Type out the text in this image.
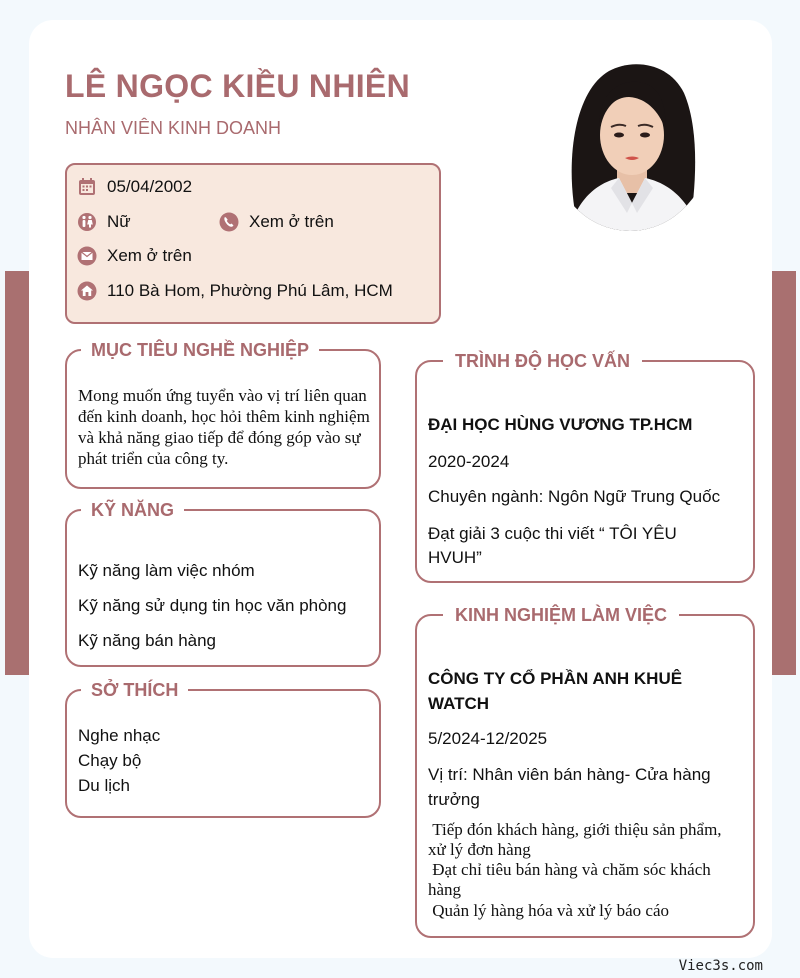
LÊ NGỌC KIỀU NHIÊN
NHÂN VIÊN KINH DOANH
05/04/2002
Nữ	Xem ở trên
Xem ở trên
110 Bà Hom, Phường Phú Lâm, HCM
MỤC TIÊU NGHỀ NGHIỆP
Mong muốn ứng tuyển vào vị trí liên quan đến kinh doanh, học hỏi thêm kinh nghiệm và khả năng giao tiếp để đóng góp vào sự phát triển của công ty.
KỸ NĂNG
Kỹ năng làm việc nhóm
Kỹ năng sử dụng tin học văn phòng
Kỹ năng bán hàng
SỞ THÍCH
Nghe nhạc
Chạy bộ
Du lịch
TRÌNH ĐỘ HỌC VẤN
ĐẠI HỌC HÙNG VƯƠNG TP.HCM
2020-2024
Chuyên ngành: Ngôn Ngữ Trung Quốc
Đạt giải 3 cuộc thi viết “ TÔI YÊU HVUH”
KINH NGHIỆM LÀM VIỆC
CÔNG TY CỔ PHẦN ANH KHUÊ WATCH
5/2024-12/2025
Vị trí: Nhân viên bán hàng- Cửa hàng trưởng
Tiếp đón khách hàng, giới thiệu sản phẩm, xử lý đơn hàng
Đạt chỉ tiêu bán hàng và chăm sóc khách hàng
Quản lý hàng hóa và xử lý báo cáo
Viec3s.com
